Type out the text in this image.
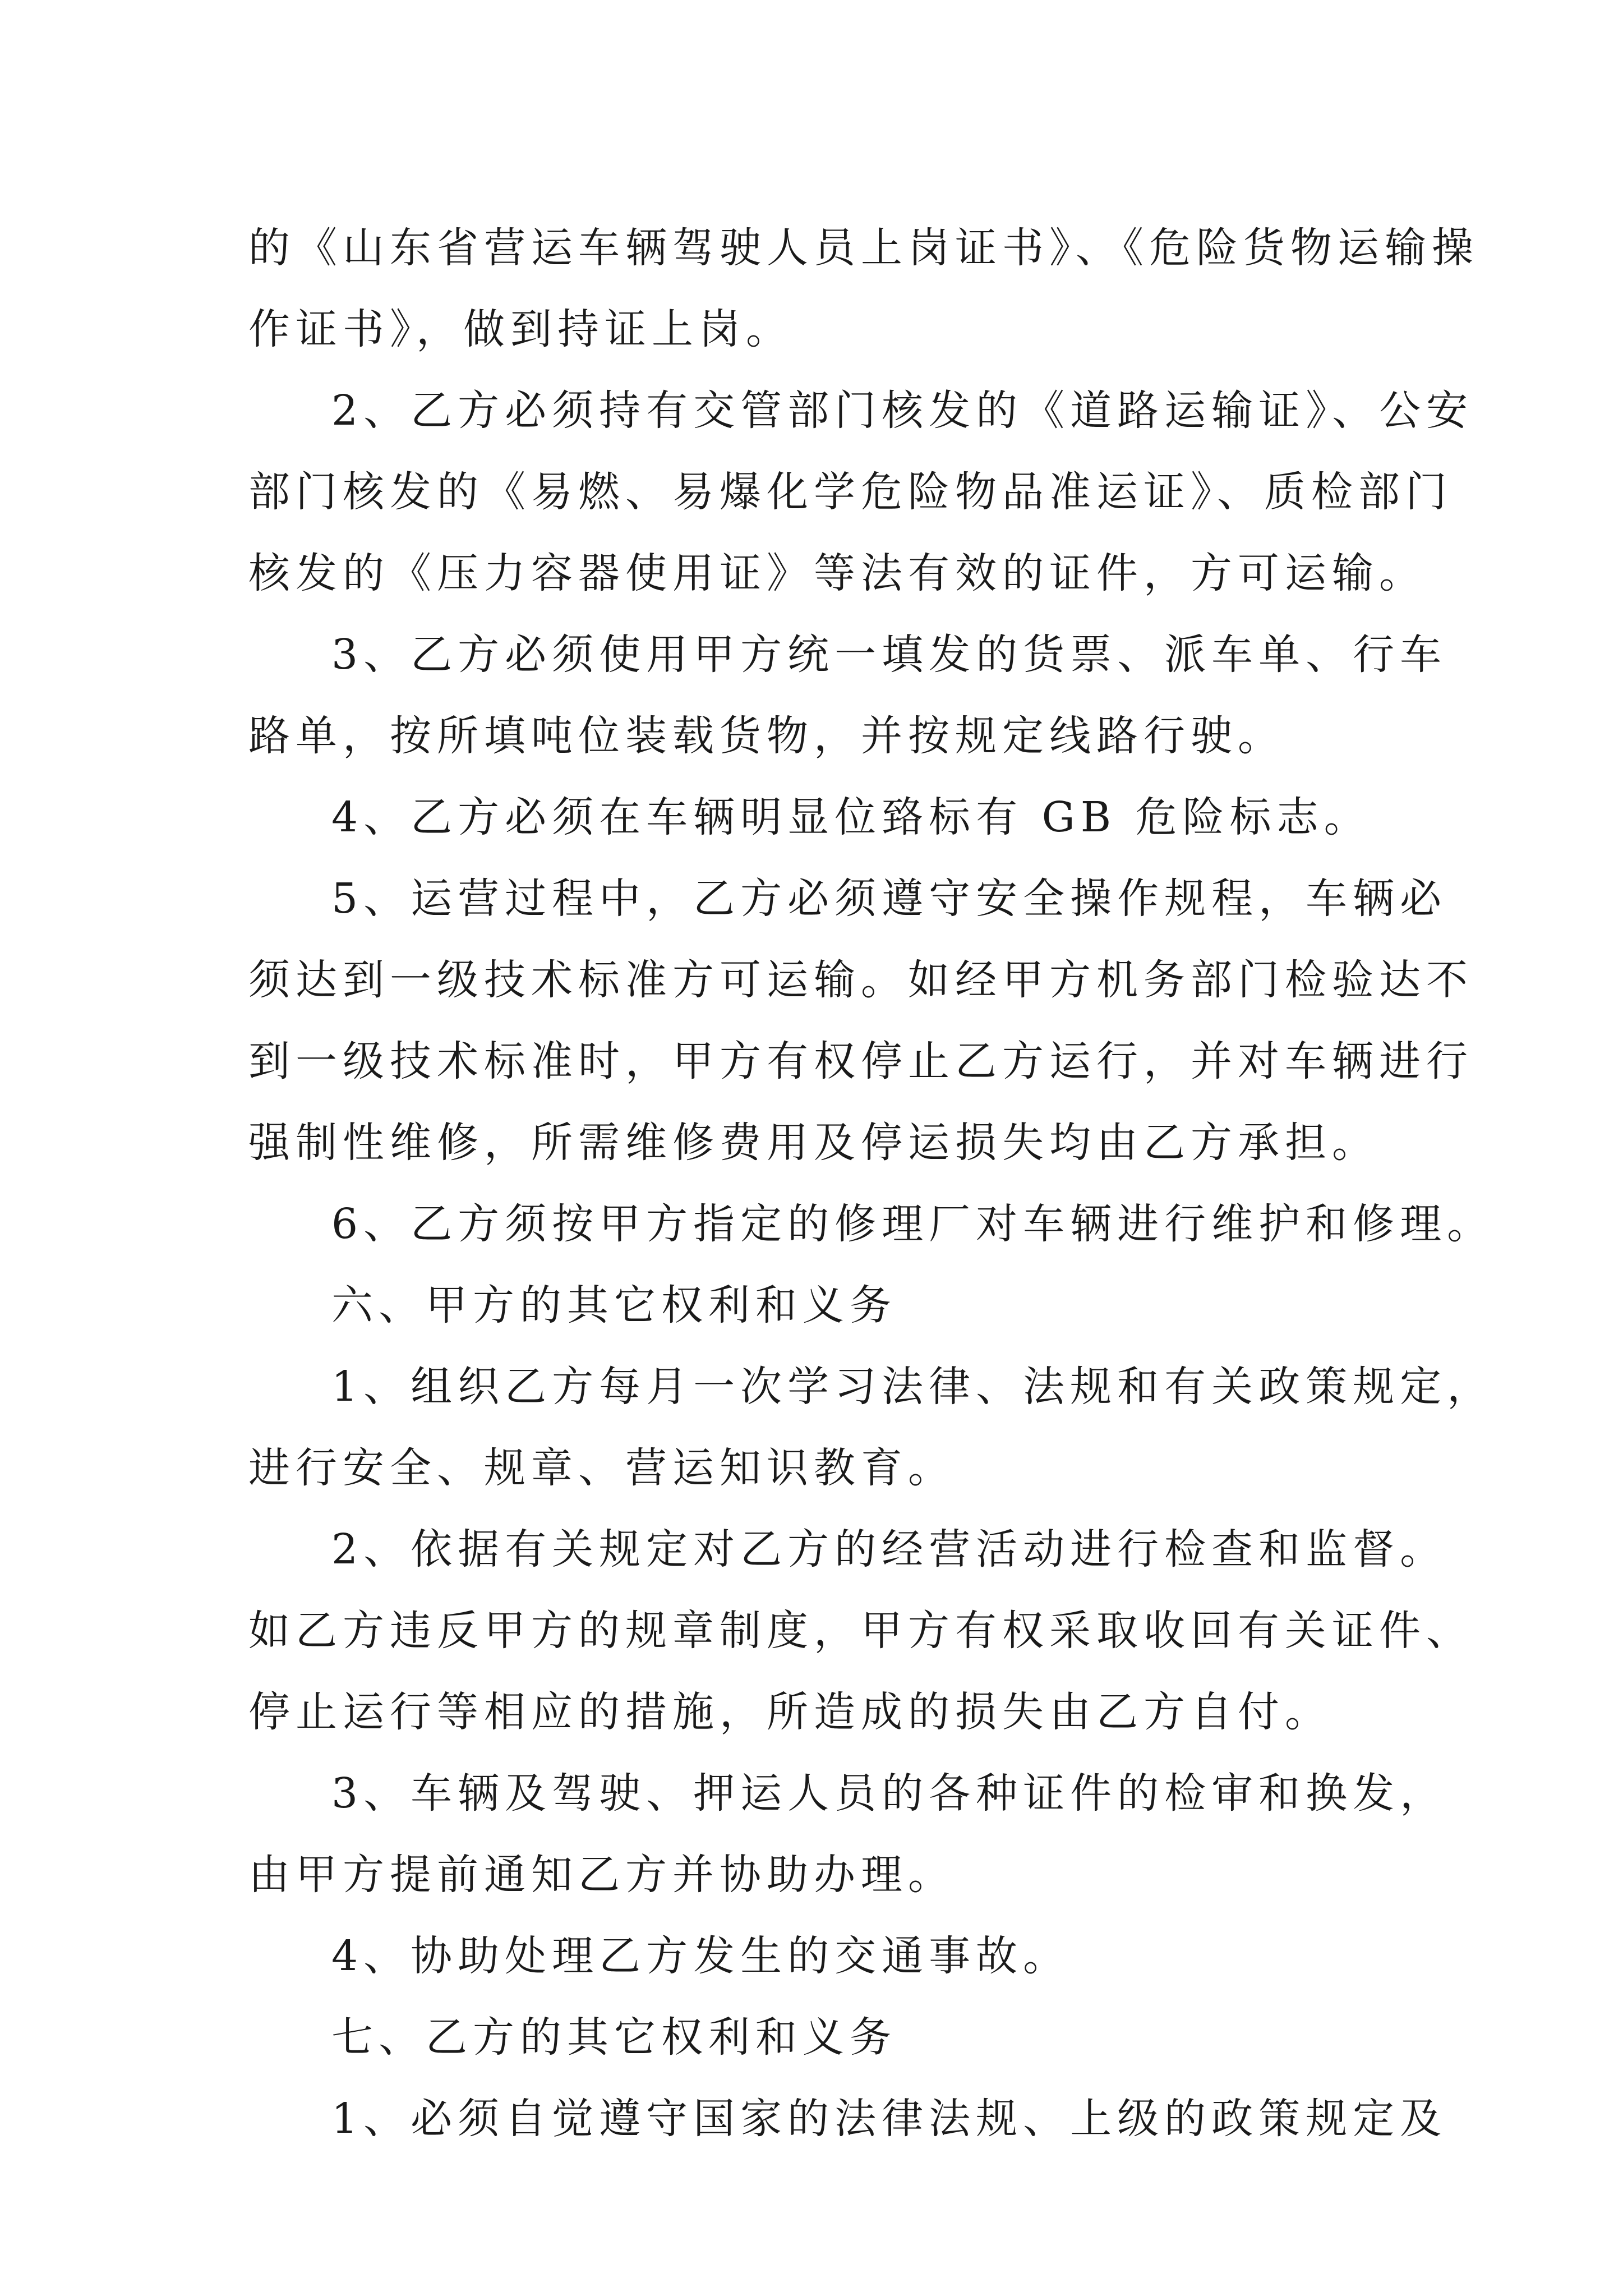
的《山东省营运车辆驾驶人员上岗证书》、《危险货物运输操
作证书》，做到持证上岗。
2、乙方必须持有交管部门核发的《道路运输证》、公安
部门核发的《易燃、易爆化学危险物品准运证》、质检部门
核发的《压力容器使用证》等法有效的证件，方可运输。
3、乙方必须使用甲方统一填发的货票、派车单、行车
路单，按所填吨位装载货物，并按规定线路行驶。
4、乙方必须在车辆明显位臵标有 GB 危险标志。
5、运营过程中，乙方必须遵守安全操作规程，车辆必
须达到一级技术标准方可运输。如经甲方机务部门检验达不
到一级技术标准时，甲方有权停止乙方运行，并对车辆进行
强制性维修，所需维修费用及停运损失均由乙方承担。
6、乙方须按甲方指定的修理厂对车辆进行维护和修理。
六、甲方的其它权利和义务
1、组织乙方每月一次学习法律、法规和有关政策规定，
进行安全、规章、营运知识教育。
2、依据有关规定对乙方的经营活动进行检查和监督。
如乙方违反甲方的规章制度，甲方有权采取收回有关证件、
停止运行等相应的措施，所造成的损失由乙方自付。
3、车辆及驾驶、押运人员的各种证件的检审和换发，
由甲方提前通知乙方并协助办理。
4、协助处理乙方发生的交通事故。
七、乙方的其它权利和义务
1、必须自觉遵守国家的法律法规、上级的政策规定及
